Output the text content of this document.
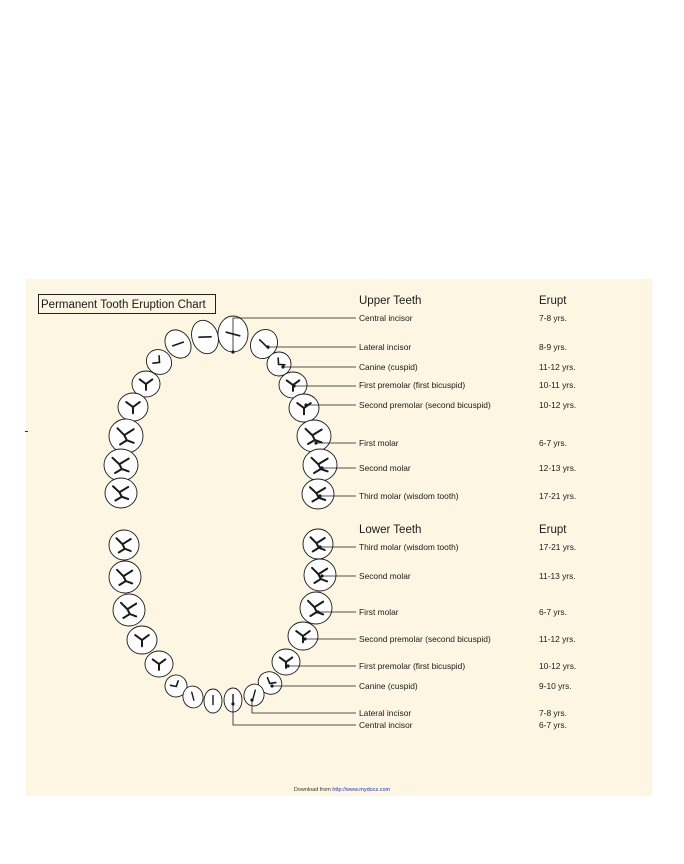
Permanent Tooth Eruption Chart	Upper Teeth	Erupt
Central incisor	7-8 yrs.
Lateral incisor	8-9 yrs.
Canine (cuspid)	11-12 yrs.
First premolar (first bicuspid)	10-11 yrs.
Second premolar (second bicuspid)	10-12 yrs.
First molar	6-7 yrs.
Second molar	12-13 yrs.
Third molar (wisdom tooth)	17-21 yrs.
Lower Teeth	Erupt
Third molar (wisdom tooth)	17-21 yrs.
Second molar	11-13 yrs.
First molar	6-7 yrs.
Second premolar (second bicuspid)	11-12 yrs.
First premolar (first bicuspid)	10-12 yrs.
Canine (cuspid)	9-10 yrs.
Lateral incisor	7-8 yrs.
Central incisor	6-7 yrs.
Download from http://www.mydocs.com
